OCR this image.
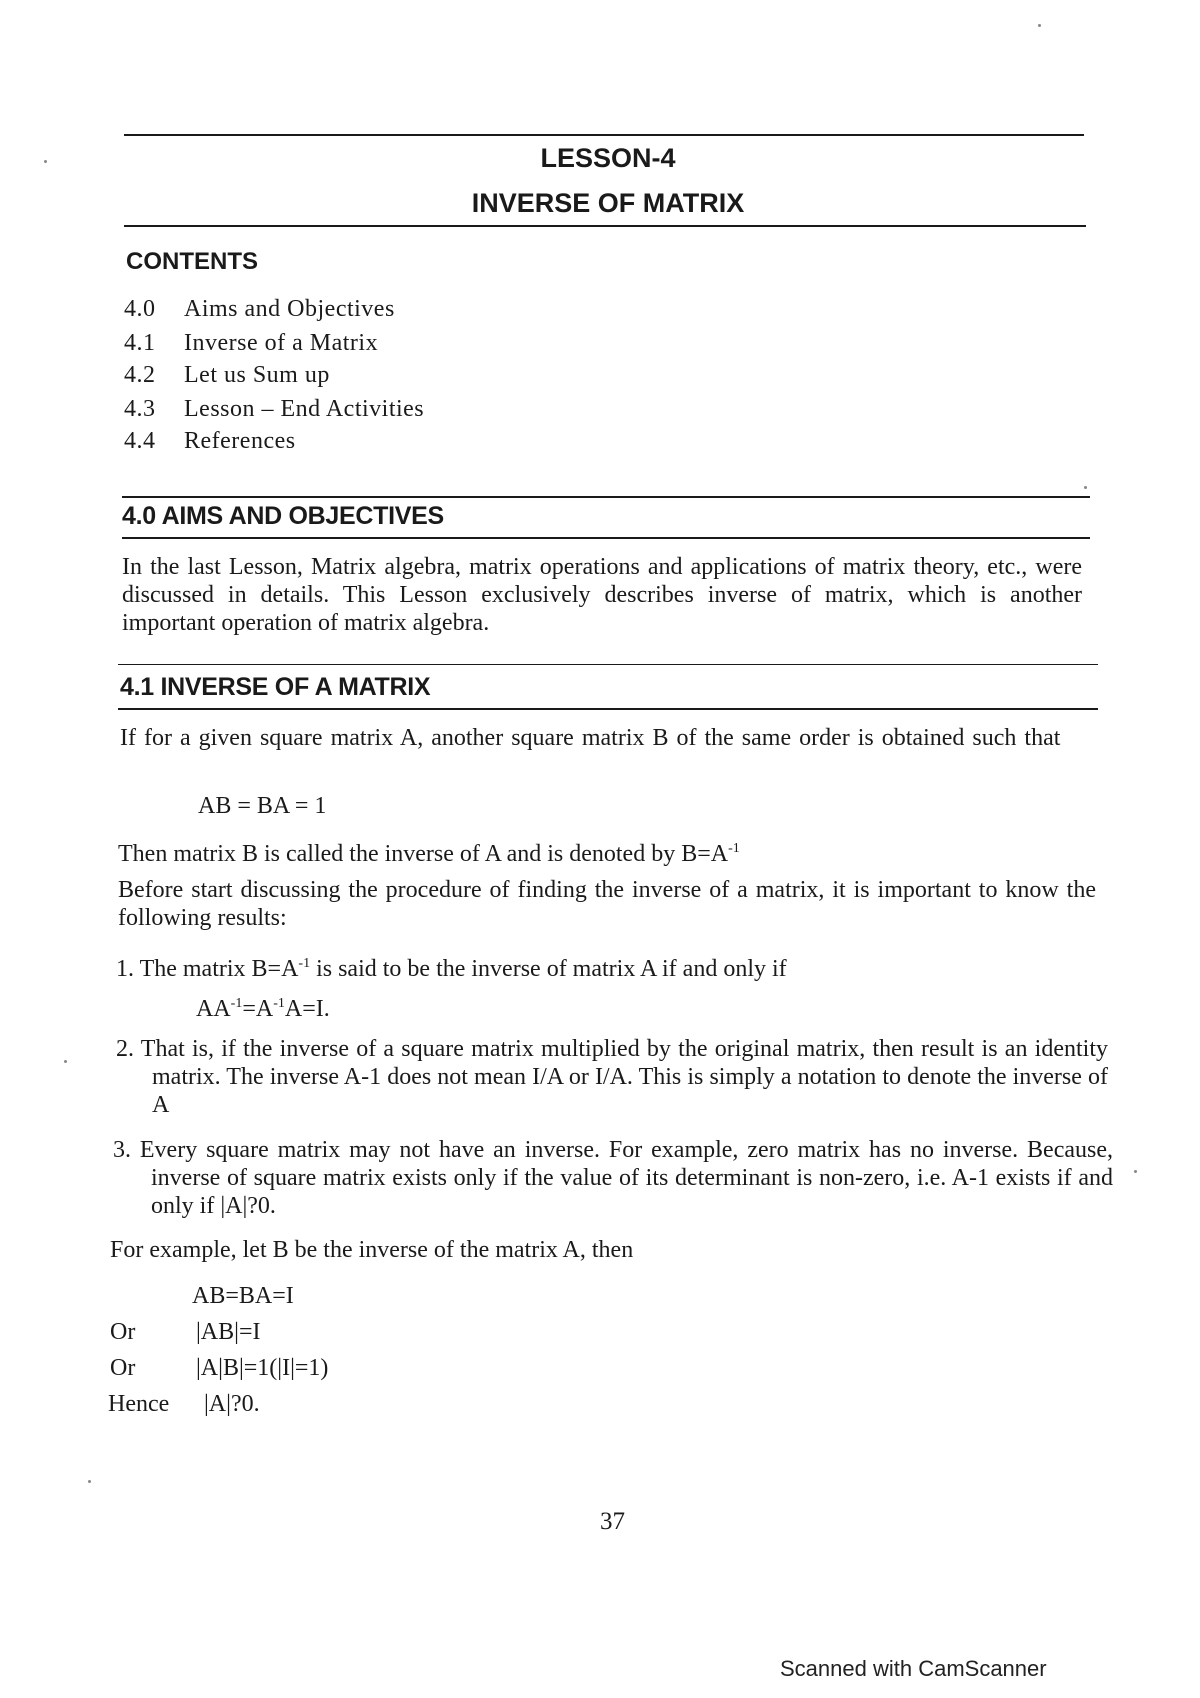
LESSON-4
INVERSE OF MATRIX
CONTENTS
4.0 Aims and Objectives
4.1 Inverse of a Matrix
4.2 Let us Sum up
4.3 Lesson – End Activities
4.4 References
4.0 AIMS AND OBJECTIVES
In the last Lesson, Matrix algebra, matrix operations and applications of matrix theory, etc., were discussed in details. This Lesson exclusively describes inverse of matrix, which is another important operation of matrix algebra.
4.1 INVERSE OF A MATRIX
If for a given square matrix A, another square matrix B of the same order is obtained such that
AB = BA = 1
Then matrix B is called the inverse of A and is denoted by $B=A^{-1}$
Before start discussing the procedure of finding the inverse of a matrix, it is important to know the following results:
1. The matrix $B=A^{-1}$ is said to be the inverse of matrix A if and only if
$AA^{-1}=A^{-1}A=I$.
2. That is, if the inverse of a square matrix multiplied by the original matrix, then result is an identity matrix. The inverse A-1 does not mean I/A or I/A. This is simply a notation to denote the inverse of A
3. Every square matrix may not have an inverse. For example, zero matrix has no inverse. Because, inverse of square matrix exists only if the value of its determinant is non-zero, i.e. A-1 exists if and only if |A|?0.
For example, let B be the inverse of the matrix A, then
AB=BA=I
Or	|AB|=I
Or	|A|B|=1(|I|=1)
Hence |A|?0.
37
Scanned with CamScanner
